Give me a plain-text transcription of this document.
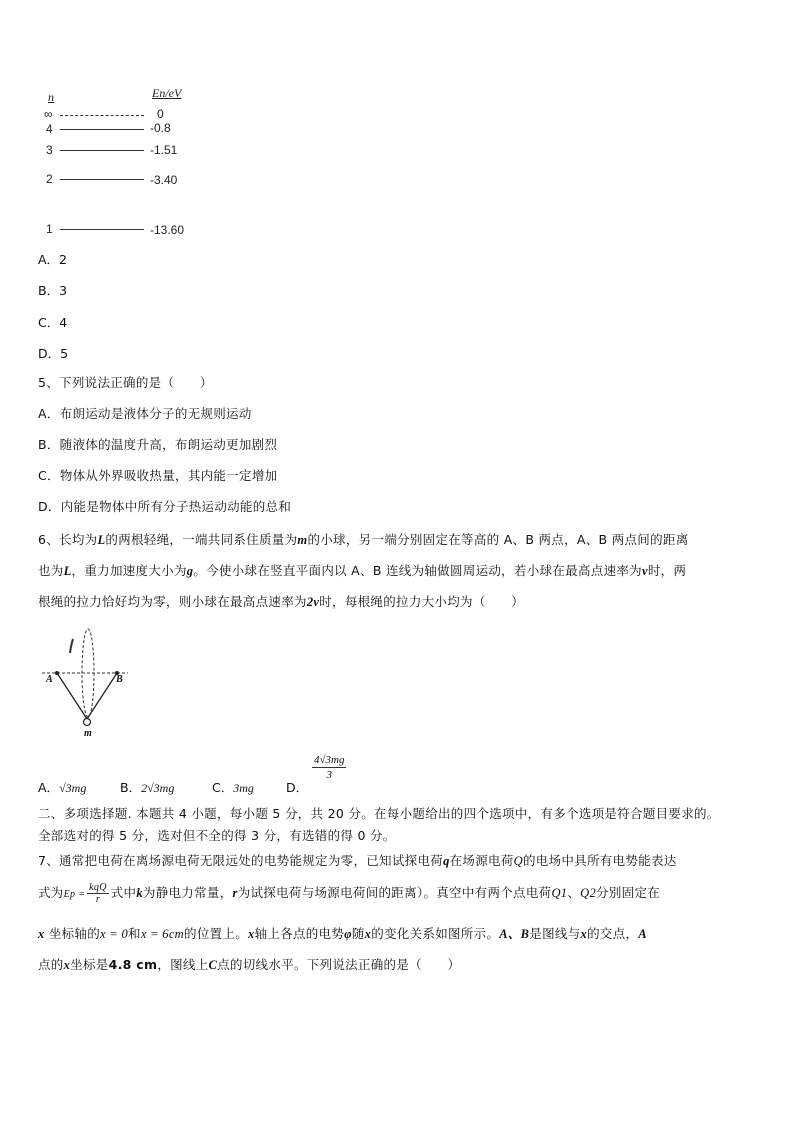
n	En/eV
∞	0
4	-0.8
3	-1.51
2	-3.40
1	-13.60
A．2
B．3
C．4
D．5
5、下列说法正确的是（　　）
A．布朗运动是液体分子的无规则运动
B．随液体的温度升高，布朗运动更加剧烈
C．物体从外界吸收热量，其内能一定增加
D．内能是物体中所有分子热运动动能的总和
6、长均为L的两根轻绳，一端共同系住质量为m的小球，另一端分别固定在等高的 A、B 两点，A、B 两点间的距离
也为L，重力加速度大小为g。今使小球在竖直平面内以 A、B 连线为轴做圆周运动，若小球在最高点速率为v时，两
根绳的拉力恰好均为零，则小球在最高点速率为2v时，每根绳的拉力大小均为（　　）
A	B
m
A．√3mg	B．2√3mg	C．3mg	D．
$\frac{4√3mg}{3}$
二、多项选择题. 本题共 4 小题，每小题 5 分，共 20 分。在每小题给出的四个选项中，有多个选项是符合题目要求的。
全部选对的得 5 分，选对但不全的得 3 分，有选错的得 0 分。
7、通常把电荷在离场源电荷无限远处的电势能规定为零，已知试探电荷q在场源电荷Q的电场中具所有电势能表达
式为$Ep = \frac{\text{kqQ}}{r}$ 式中k为静电力常量，r为试探电荷与场源电荷间的距离）。真空中有两个点电荷Q1、Q2分别固定在
x 坐标轴的x = 0和x = 6cm的位置上。x轴上各点的电势φ随x的变化关系如图所示。A、B是图线与x的交点，A
点的x坐标是4.8 cm，图线上C点的切线水平。下列说法正确的是（　　）
